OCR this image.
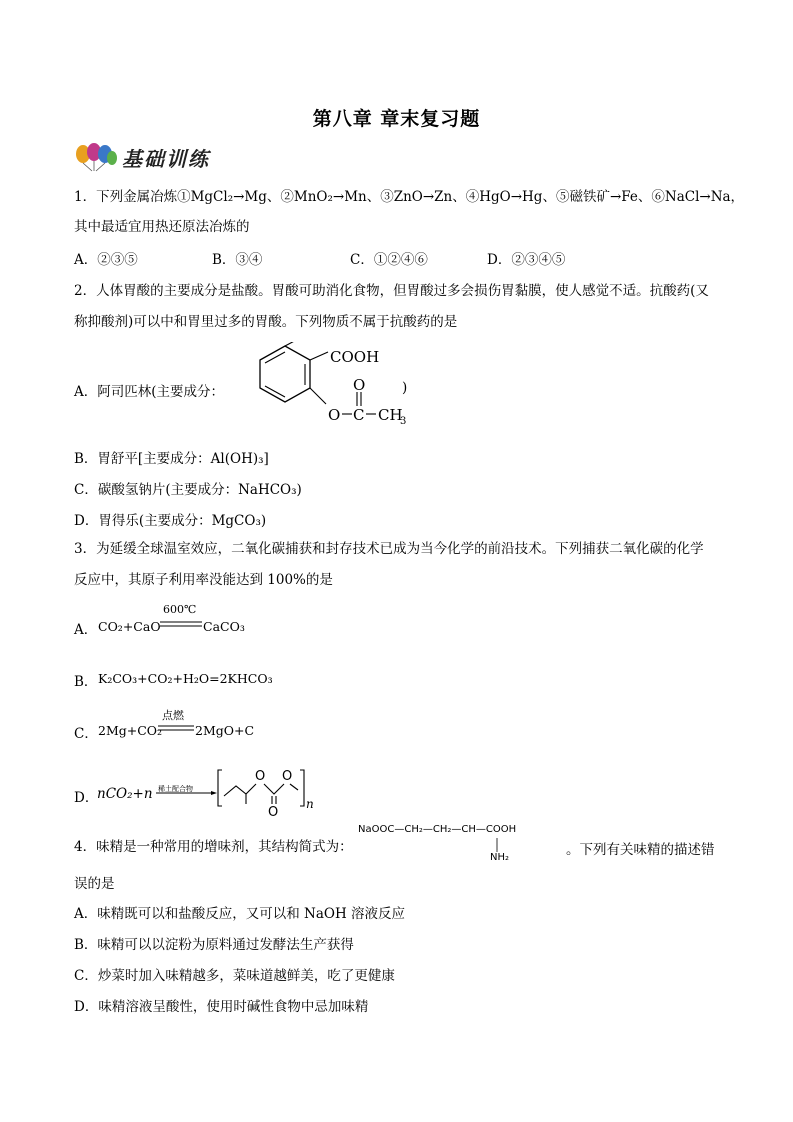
第八章 章末复习题
基础训练
1．下列金属冶炼①MgCl₂→Mg、②MnO₂→Mn、③ZnO→Zn、④HgO→Hg、⑤磁铁矿→Fe、⑥NaCl→Na，
其中最适宜用热还原法冶炼的
A．②③⑤	B．③④	C．①②④⑥	D．②③④⑤
2．人体胃酸的主要成分是盐酸。胃酸可助消化食物，但胃酸过多会损伤胃黏膜，使人感觉不适。抗酸药(又
称抑酸剂)可以中和胃里过多的胃酸。下列物质不属于抗酸药的是
A．阿司匹林(主要成分：
COOH
O
O C CH
3
)
B．胃舒平[主要成分：Al(OH)₃]
C．碳酸氢钠片(主要成分：NaHCO₃)
D．胃得乐(主要成分：MgCO₃)
3．为延缓全球温室效应，二氧化碳捕获和封存技术已成为当今化学的前沿技术。下列捕获二氧化碳的化学
反应中，其原子利用率没能达到 100%的是
A． CO₂+CaO
600℃
CaCO₃
B． K₂CO₃+CO₂+H₂O=2KHCO₃
C． 2Mg+CO₂
点燃
2MgO+C
D．
nCO₂+n 稀土配合物
O O
O
n
4．味精是一种常用的增味剂，其结构简式为：
NaOOC—CH₂—CH₂—CH—COOH
NH₂	。下列有关味精的描述错
误的是
A．味精既可以和盐酸反应，又可以和 NaOH 溶液反应
B．味精可以以淀粉为原料通过发酵法生产获得
C．炒菜时加入味精越多，菜味道越鲜美，吃了更健康
D．味精溶液呈酸性，使用时碱性食物中忌加味精
